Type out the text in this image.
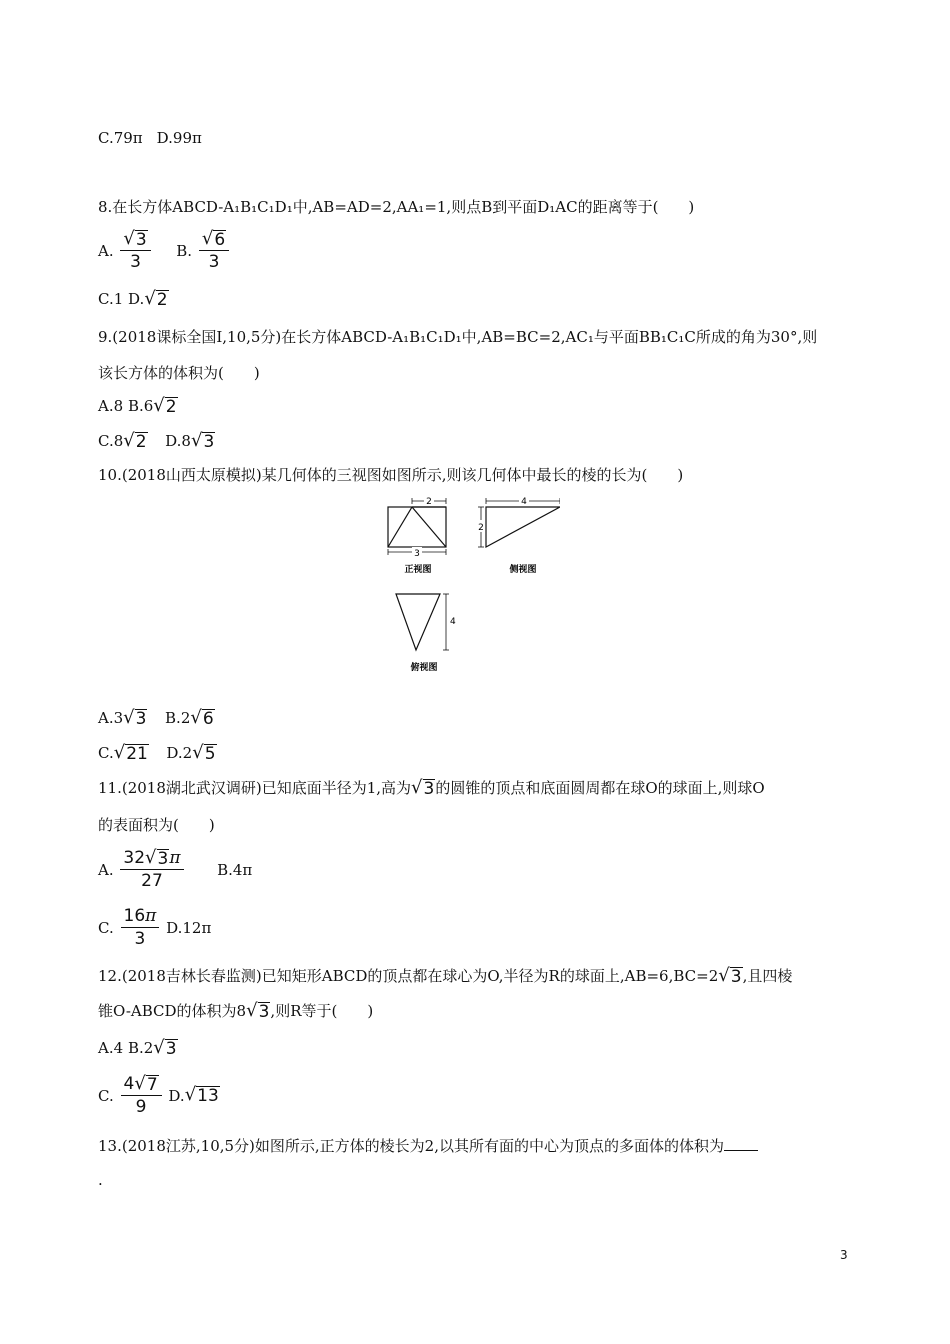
C.79π D.99π
8.在长方体ABCD-A₁B₁C₁D₁中,AB=AD=2,AA₁=1,则点B到平面D₁AC的距离等于(　　)
A. $\frac{√ 3}{3} B$. $\frac{√ 6}{3}$
C.1 D. √ 2
9.(2018课标全国Ⅰ,10,5分)在长方体ABCD-A₁B₁C₁D₁中,AB=BC=2,AC₁与平面BB₁C₁C所成的角为30°,则
该长方体的体积为(　　)
A.8 B.6 √ 2
C.8 √ 2 D.8 √ 3
10.(2018山西太原模拟)某几何体的三视图如图所示,则该几何体中最长的棱的长为(　　)
2
3
正视图
4
2
侧视图
4
俯视图
A.3 √ 3 B.2 √ 6
C. √ 21 D.2 √ 5
11.(2018湖北武汉调研)已知底面半径为1,高为 √ 3 的圆锥的顶点和底面圆周都在球O的球面上,则球O
的表面积为(　　)
A. $\frac{32 √ 3 \pi}{27} B.4\pi$
C. $\frac{16 \pi}{3} D.12\pi$
12.(2018吉林长春监测)已知矩形ABCD的顶点都在球心为O,半径为R的球面上,AB=6,BC=2 √ 3 ,且四棱
锥O-ABCD的体积为8 √ 3 ,则R等于(　　)
A.4 B.2 √ 3
C. $\frac{4 √ 7}{9} D$. √ 13
13.(2018江苏,10,5分)如图所示,正方体的棱长为2,以其所有面的中心为顶点的多面体的体积为
.
3
